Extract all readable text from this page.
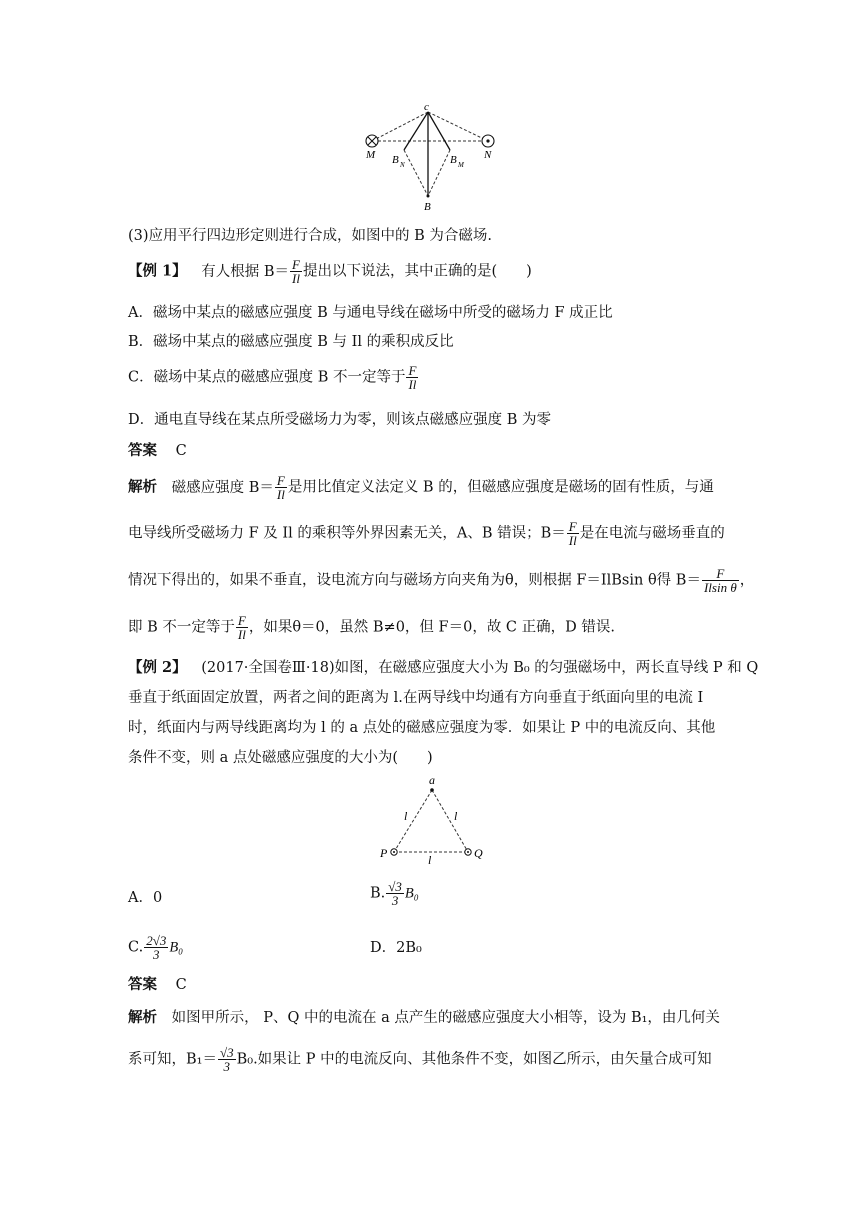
c
M	N
B N	B M
B
(3)应用平行四边形定则进行合成，如图中的 B 为合磁场.
【例 1】 有人根据 $B= \frac{F}{Il}$ 提出以下说法，其中正确的是(　　)
A．磁场中某点的磁感应强度 B 与通电导线在磁场中所受的磁场力 F 成正比
B．磁场中某点的磁感应强度 B 与 Il 的乘积成反比
C．磁场中某点的磁感应强度 B 不一定等于 $\frac{F}{Il}$
D．通电直导线在某点所受磁场力为零，则该点磁感应强度 B 为零
答案 C
解析 磁感应强度 $B= \frac{F}{Il}$ 是用比值定义法定义 B 的，但磁感应强度是磁场的固有性质，与通
电导线所受磁场力 F 及 Il 的乘积等外界因素无关，A、B 错误；$B= \frac{F}{Il}$ 是在电流与磁场垂直的
情况下得出的，如果不垂直，设电流方向与磁场方向夹角为θ，则根据 F＝IlBsin θ得 $B= \frac{F}{\text{Ilsin θ}}$ ，
即 B 不一定等于 $\frac{F}{Il}$ ，如果θ＝0，虽然 B≠0，但 F＝0，故 C 正确，D 错误.
【例 2】 (2017·全国卷Ⅲ·18)如图，在磁感应强度大小为 B₀ 的匀强磁场中，两长直导线 P 和 Q
垂直于纸面固定放置，两者之间的距离为 l.在两导线中均通有方向垂直于纸面向里的电流 I
时，纸面内与两导线距离均为 l 的 a 点处的磁感应强度为零．如果让 P 中的电流反向、其他
条件不变，则 a 点处磁感应强度的大小为(　　)
a
l	l
l
P	Q
A．0	B. $\frac{√3}{3} B_0$
C. $\frac{2√3}{3} B_0$	D．2B₀
答案 C
解析 如图甲所示， P、Q 中的电流在 a 点产生的磁感应强度大小相等，设为 B₁，由几何关
系可知，$B_1= \frac{√3}{3} B_0$.如果让 P 中的电流反向、其他条件不变，如图乙所示，由矢量合成可知
